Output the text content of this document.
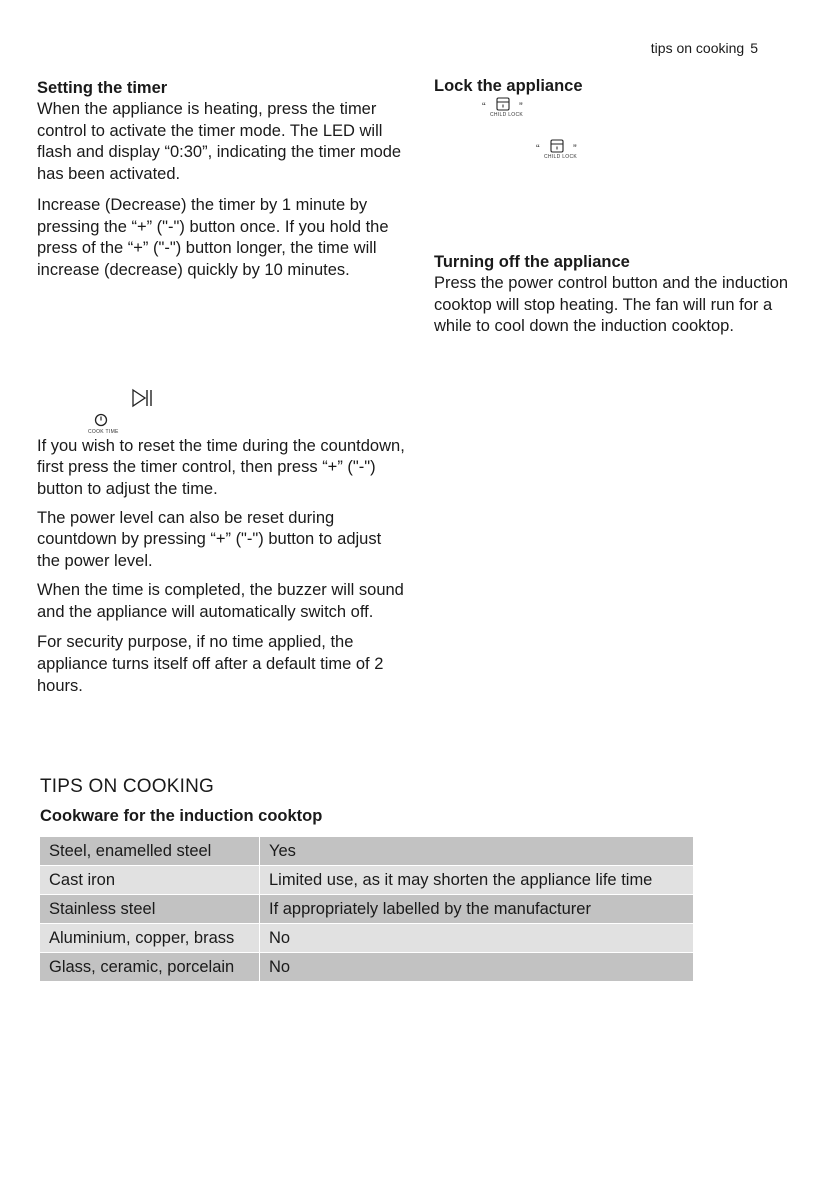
tips on cooking 5

Setting the timer

When the appliance is heating, press the timer control to activate the timer mode. The LED will flash and display “0:30”, indicating the timer mode has been activated.

Increase (Decrease) the timer by 1 minute by pressing the “+” ("-") button once. If you hold the press of the “+” ("-") button longer, the time will increase (decrease) quickly by 10 minutes.

COOK TIME

If you wish to reset the time during the countdown, first press the timer control, then press “+” ("-") button to adjust the time.

The power level can also be reset during countdown by pressing “+” ("-") button to adjust the power level.

When the time is completed, the buzzer will sound and the appliance will automatically switch off.

For security purpose, if no time applied, the appliance turns itself off after a default time of 2 hours.

Lock the appliance

“	”
CHILD LOCK
“	”
CHILD LOCK

Turning off the appliance

Press the power control button and the induction cooktop will stop heating. The fan will run for a while to cool down the induction cooktop.

TIPS ON COOKING
Cookware for the induction cooktop
Steel, enamelled steel	Yes
Cast iron	Limited use, as it may shorten the appliance life time
Stainless steel	If appropriately labelled by the manufacturer
Aluminium, copper, brass	No
Glass, ceramic, porcelain	No
